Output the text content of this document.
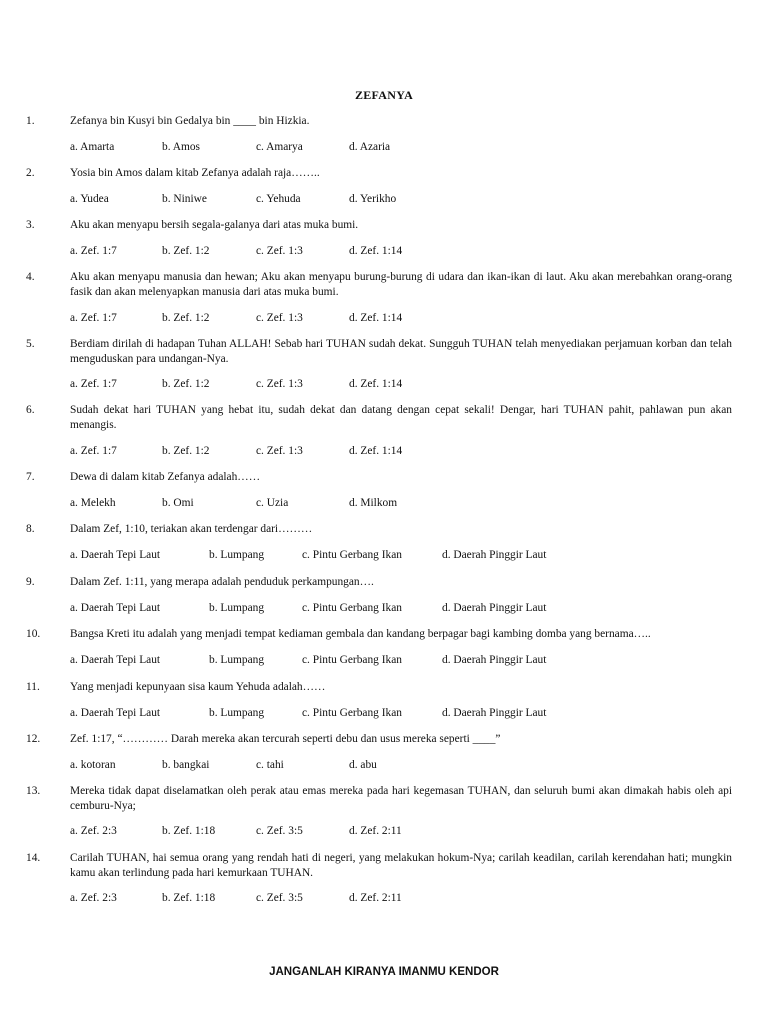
ZEFANYA
1.	Zefanya bin Kusyi bin Gedalya bin ____ bin Hizkia.
a. Amarta	b. Amos	c. Amarya	d. Azaria
2.	Yosia bin Amos dalam kitab Zefanya adalah raja……..
a. Yudea	b. Niniwe	c. Yehuda	d. Yerikho
3.	Aku akan menyapu bersih segala-galanya dari atas muka bumi.
a. Zef. 1:7	b. Zef. 1:2	c. Zef. 1:3	d. Zef. 1:14
4.	Aku akan menyapu manusia dan hewan; Aku akan menyapu burung-burung di udara dan ikan-ikan di laut. Aku akan merebahkan orang-orang fasik dan akan melenyapkan manusia dari atas muka bumi.
a. Zef. 1:7	b. Zef. 1:2	c. Zef. 1:3	d. Zef. 1:14
5.	Berdiam dirilah di hadapan Tuhan ALLAH! Sebab hari TUHAN sudah dekat. Sungguh TUHAN telah menyediakan perjamuan korban dan telah menguduskan para undangan-Nya.
a. Zef. 1:7	b. Zef. 1:2	c. Zef. 1:3	d. Zef. 1:14
6.	Sudah dekat hari TUHAN yang hebat itu, sudah dekat dan datang dengan cepat sekali! Dengar, hari TUHAN pahit, pahlawan pun akan menangis.
a. Zef. 1:7	b. Zef. 1:2	c. Zef. 1:3	d. Zef. 1:14
7.	Dewa di dalam kitab Zefanya adalah……
a. Melekh	b. Omi	c. Uzia	d. Milkom
8.	Dalam Zef, 1:10, teriakan akan terdengar dari………
a. Daerah Tepi Laut	b. Lumpang	c. Pintu Gerbang Ikan	d. Daerah Pinggir Laut
9.	Dalam Zef. 1:11, yang merapa adalah penduduk perkampungan….
a. Daerah Tepi Laut	b. Lumpang	c. Pintu Gerbang Ikan	d. Daerah Pinggir Laut
10.	Bangsa Kreti itu adalah yang menjadi tempat kediaman gembala dan kandang berpagar bagi kambing domba yang bernama…..
a. Daerah Tepi Laut	b. Lumpang	c. Pintu Gerbang Ikan	d. Daerah Pinggir Laut
11.	Yang menjadi kepunyaan sisa kaum Yehuda adalah……
a. Daerah Tepi Laut	b. Lumpang	c. Pintu Gerbang Ikan	d. Daerah Pinggir Laut
12.	Zef. 1:17, “………… Darah mereka akan tercurah seperti debu dan usus mereka seperti ____”
a. kotoran	b. bangkai	c. tahi	d. abu
13.	Mereka tidak dapat diselamatkan oleh perak atau emas mereka pada hari kegemasan TUHAN, dan seluruh bumi akan dimakah habis oleh api cemburu-Nya;
a. Zef. 2:3	b. Zef. 1:18	c. Zef. 3:5	d. Zef. 2:11
14.	Carilah TUHAN, hai semua orang yang rendah hati di negeri, yang melakukan hokum-Nya; carilah keadilan, carilah kerendahan hati; mungkin kamu akan terlindung pada hari kemurkaan TUHAN.
a. Zef. 2:3	b. Zef. 1:18	c. Zef. 3:5	d. Zef. 2:11
JANGANLAH KIRANYA IMANMU KENDOR
